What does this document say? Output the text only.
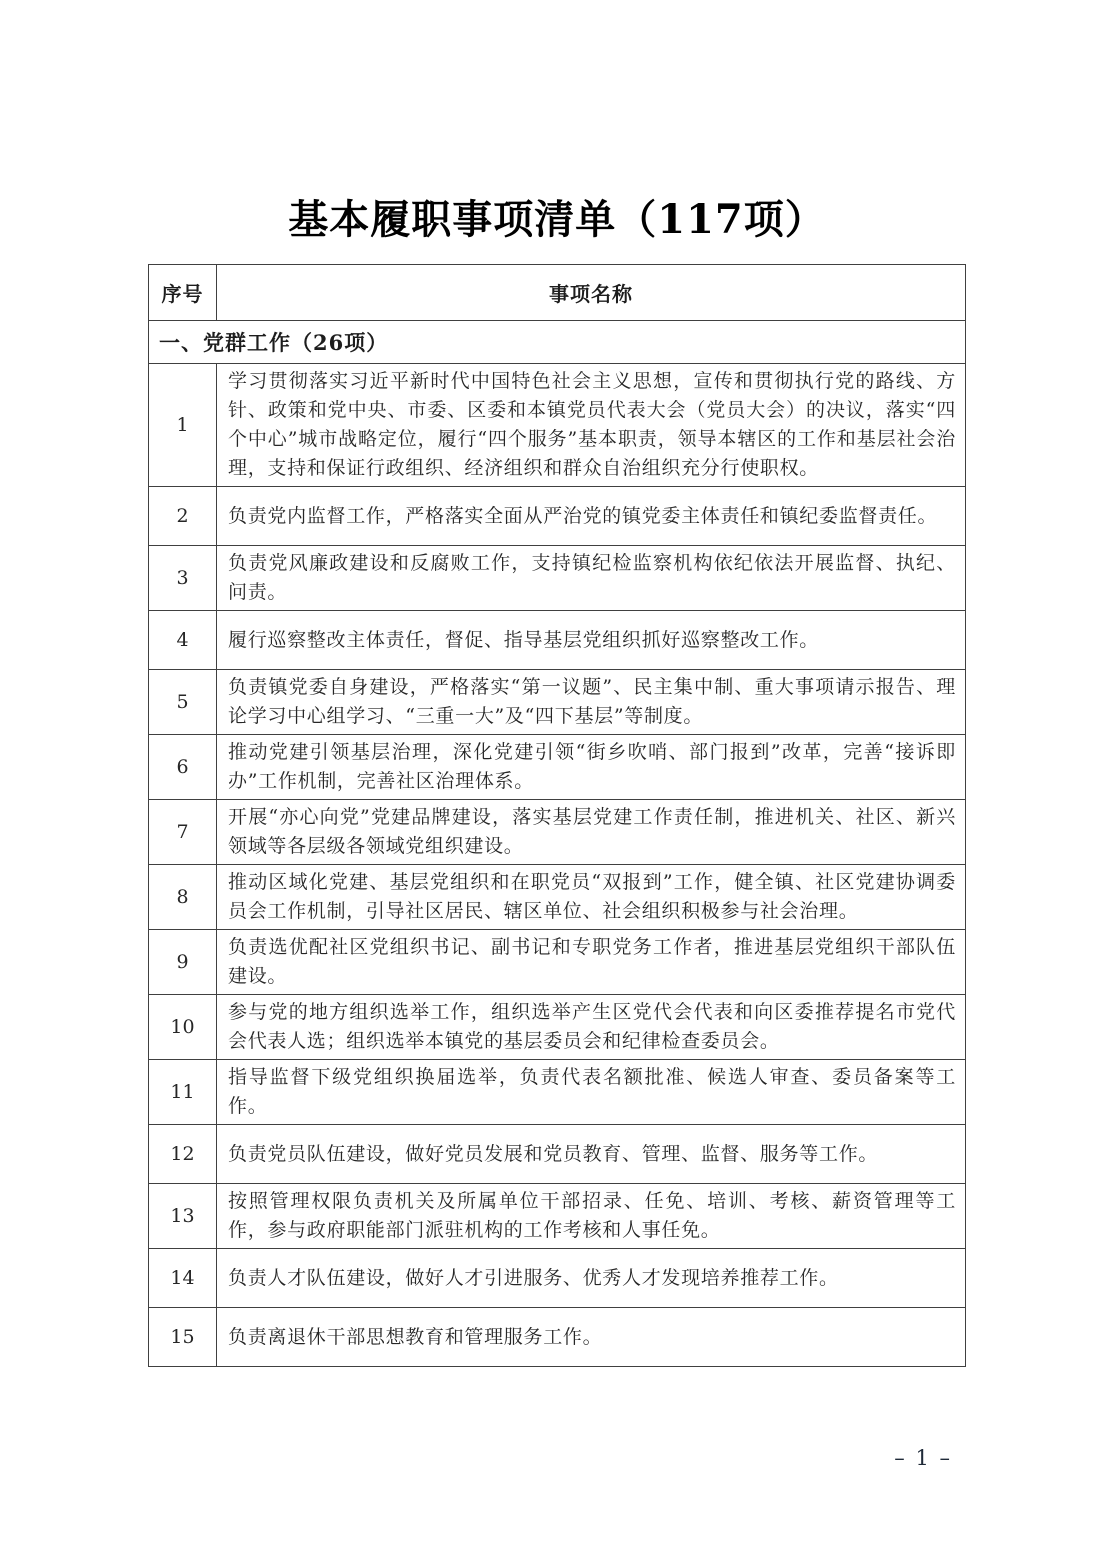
基本履职事项清单（117项）
序号	事项名称
一、党群工作（26项）	
1	学习贯彻落实习近平新时代中国特色社会主义思想，宣传和贯彻执行党的路线、方针、政策和党中央、市委、区委和本镇党员代表大会（党员大会）的决议，落实“四个中心”城市战略定位，履行“四个服务”基本职责，领导本辖区的工作和基层社会治理，支持和保证行政组织、经济组织和群众自治组织充分行使职权。
2	负责党内监督工作，严格落实全面从严治党的镇党委主体责任和镇纪委监督责任。
3	负责党风廉政建设和反腐败工作，支持镇纪检监察机构依纪依法开展监督、执纪、问责。
4	履行巡察整改主体责任，督促、指导基层党组织抓好巡察整改工作。
5	负责镇党委自身建设，严格落实“第一议题”、民主集中制、重大事项请示报告、理论学习中心组学习、“三重一大”及“四下基层”等制度。
6	推动党建引领基层治理，深化党建引领“街乡吹哨、部门报到”改革，完善“接诉即办”工作机制，完善社区治理体系。
7	开展“亦心向党”党建品牌建设，落实基层党建工作责任制，推进机关、社区、新兴领域等各层级各领域党组织建设。
8	推动区域化党建、基层党组织和在职党员“双报到”工作，健全镇、社区党建协调委员会工作机制，引导社区居民、辖区单位、社会组织积极参与社会治理。
9	负责选优配社区党组织书记、副书记和专职党务工作者，推进基层党组织干部队伍建设。
10	参与党的地方组织选举工作，组织选举产生区党代会代表和向区委推荐提名市党代会代表人选；组织选举本镇党的基层委员会和纪律检查委员会。
11	指导监督下级党组织换届选举，负责代表名额批准、候选人审查、委员备案等工作。
12	负责党员队伍建设，做好党员发展和党员教育、管理、监督、服务等工作。
13	按照管理权限负责机关及所属单位干部招录、任免、培训、考核、薪资管理等工作，参与政府职能部门派驻机构的工作考核和人事任免。
14	负责人才队伍建设，做好人才引进服务、优秀人才发现培养推荐工作。
15	负责离退休干部思想教育和管理服务工作。
– 1 –
